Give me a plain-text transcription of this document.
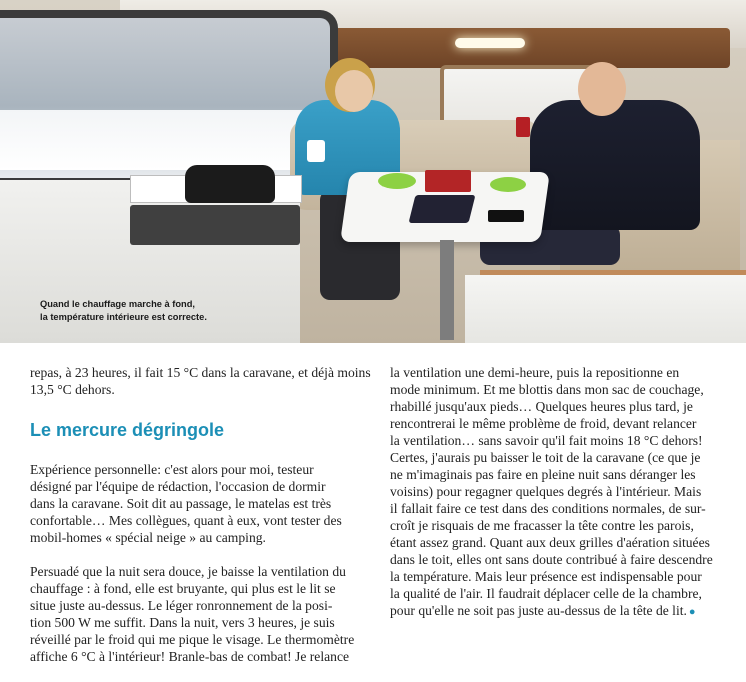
Quand le chauffage marche à fond,
la température intérieure est correcte.

repas, à 23 heures, il fait 15 °C dans la caravane, et déjà moins
13,5 °C dehors.

Le mercure dégringole

Expérience personnelle: c'est alors pour moi, testeur
désigné par l'équipe de rédaction, l'occasion de dormir
dans la caravane. Soit dit au passage, le matelas est très
confortable… Mes collègues, quant à eux, vont tester des
mobil-homes « spécial neige » au camping.

Persuadé que la nuit sera douce, je baisse la ventilation du
chauffage : à fond, elle est bruyante, qui plus est le lit se
situe juste au-dessus. Le léger ronronnement de la posi-
tion 500 W me suffit. Dans la nuit, vers 3 heures, je suis
réveillé par le froid qui me pique le visage. Le thermomètre
affiche 6 °C à l'intérieur! Branle-bas de combat! Je relance

la ventilation une demi-heure, puis la repositionne en
mode minimum. Et me blottis dans mon sac de couchage,
rhabillé jusqu'aux pieds… Quelques heures plus tard, je
rencontrerai le même problème de froid, devant relancer
la ventilation… sans savoir qu'il fait moins 18 °C dehors!
Certes, j'aurais pu baisser le toit de la caravane (ce que je
ne m'imaginais pas faire en pleine nuit sans déranger les
voisins) pour regagner quelques degrés à l'intérieur. Mais
il fallait faire ce test dans des conditions normales, de sur-
croît je risquais de me fracasser la tête contre les parois,
étant assez grand. Quant aux deux grilles d'aération situées
dans le toit, elles ont sans doute contribué à faire descendre
la température. Mais leur présence est indispensable pour
la qualité de l'air. Il faudrait déplacer celle de la chambre,
pour qu'elle ne soit pas juste au-dessus de la tête de lit. ●
